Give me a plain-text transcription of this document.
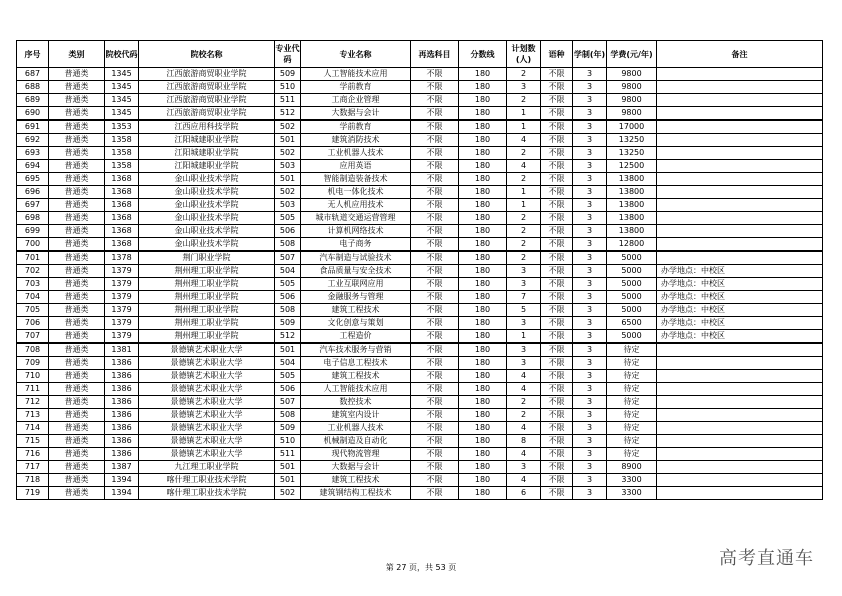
序号	类别	院校代码	院校名称	专业代码	专业名称	再选科目	分数线	计划数(人)	语种	学制(年)	学费(元/年)	备注
687	普通类	1345	江西旅游商贸职业学院	509	人工智能技术应用	不限	180	2	不限	3	9800	
688	普通类	1345	江西旅游商贸职业学院	510	学前教育	不限	180	3	不限	3	9800	
689	普通类	1345	江西旅游商贸职业学院	511	工商企业管理	不限	180	2	不限	3	9800	
690	普通类	1345	江西旅游商贸职业学院	512	大数据与会计	不限	180	1	不限	3	9800	
691	普通类	1353	江西应用科技学院	502	学前教育	不限	180	1	不限	3	17000	
692	普通类	1358	江阳城建职业学院	501	建筑消防技术	不限	180	4	不限	3	13250	
693	普通类	1358	江阳城建职业学院	502	工业机器人技术	不限	180	2	不限	3	13250	
694	普通类	1358	江阳城建职业学院	503	应用英语	不限	180	4	不限	3	12500	
695	普通类	1368	金山职业技术学院	501	智能制造装备技术	不限	180	2	不限	3	13800	
696	普通类	1368	金山职业技术学院	502	机电一体化技术	不限	180	1	不限	3	13800	
697	普通类	1368	金山职业技术学院	503	无人机应用技术	不限	180	1	不限	3	13800	
698	普通类	1368	金山职业技术学院	505	城市轨道交通运营管理	不限	180	2	不限	3	13800	
699	普通类	1368	金山职业技术学院	506	计算机网络技术	不限	180	2	不限	3	13800	
700	普通类	1368	金山职业技术学院	508	电子商务	不限	180	2	不限	3	12800	
701	普通类	1378	荆门职业学院	507	汽车制造与试验技术	不限	180	2	不限	3	5000	
702	普通类	1379	荆州理工职业学院	504	食品质量与安全技术	不限	180	3	不限	3	5000	办学地点：中校区
703	普通类	1379	荆州理工职业学院	505	工业互联网应用	不限	180	3	不限	3	5000	办学地点：中校区
704	普通类	1379	荆州理工职业学院	506	金融服务与管理	不限	180	7	不限	3	5000	办学地点：中校区
705	普通类	1379	荆州理工职业学院	508	建筑工程技术	不限	180	5	不限	3	5000	办学地点：中校区
706	普通类	1379	荆州理工职业学院	509	文化创意与策划	不限	180	3	不限	3	6500	办学地点：中校区
707	普通类	1379	荆州理工职业学院	512	工程造价	不限	180	1	不限	3	5000	办学地点：中校区
708	普通类	1381	景德镇艺术职业大学	501	汽车技术服务与营销	不限	180	3	不限	3	待定	
709	普通类	1386	景德镇艺术职业大学	504	电子信息工程技术	不限	180	3	不限	3	待定	
710	普通类	1386	景德镇艺术职业大学	505	建筑工程技术	不限	180	4	不限	3	待定	
711	普通类	1386	景德镇艺术职业大学	506	人工智能技术应用	不限	180	4	不限	3	待定	
712	普通类	1386	景德镇艺术职业大学	507	数控技术	不限	180	2	不限	3	待定	
713	普通类	1386	景德镇艺术职业大学	508	建筑室内设计	不限	180	2	不限	3	待定	
714	普通类	1386	景德镇艺术职业大学	509	工业机器人技术	不限	180	4	不限	3	待定	
715	普通类	1386	景德镇艺术职业大学	510	机械制造及自动化	不限	180	8	不限	3	待定	
716	普通类	1386	景德镇艺术职业大学	511	现代物流管理	不限	180	4	不限	3	待定	
717	普通类	1387	九江理工职业学院	501	大数据与会计	不限	180	3	不限	3	8900	
718	普通类	1394	喀什理工职业技术学院	501	建筑工程技术	不限	180	4	不限	3	3300	
719	普通类	1394	喀什理工职业技术学院	502	建筑钢结构工程技术	不限	180	6	不限	3	3300	
第 27 页，共 53 页	高考直通车
